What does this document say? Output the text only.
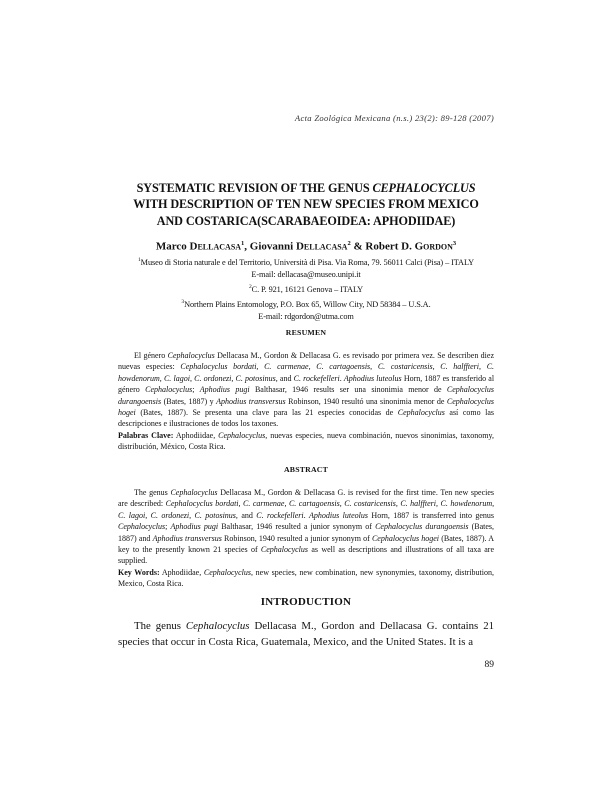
Acta Zoológica Mexicana (n.s.) 23(2): 89-128 (2007)
SYSTEMATIC REVISION OF THE GENUS CEPHALOCYCLUS
WITH DESCRIPTION OF TEN NEW SPECIES FROM MEXICO
AND COSTARICA(SCARABAEOIDEA: APHODIIDAE)
Marco Dellacasa$^1$, Giovanni Dellacasa$^2$ & Robert D. Gordon$^3$
$^1$Museo di Storia naturale e del Territorio, Università di Pisa. Via Roma, 79. 56011 Calci (Pisa) – ITALY
E-mail: dellacasa@museo.unipi.it
$^2$C. P. 921, 16121 Genova – ITALY
$^3$Northern Plains Entomology, P.O. Box 65, Willow City, ND 58384 – U.S.A.
E-mail: rdgordon@utma.com
RESUMEN

El género Cephalocyclus Dellacasa M., Gordon & Dellacasa G. es revisado por primera vez. Se describen diez nuevas especies: Cephalocyclus bordati, C. carmenae, C. cartagoensis, C. costaricensis, C. halffteri, C. howdenorum, C. lagoi, C. ordonezi, C. potosinus, and C. rockefelleri. Aphodius luteolus Horn, 1887 es transferido al género Cephalocyclus; Aphodius pugi Balthasar, 1946 results ser una sinonimia menor de Cephalocyclus durangoensis (Bates, 1887) y Aphodius transversus Robinson, 1940 resultó una sinonimia menor de Cephalocyclus hogei (Bates, 1887). Se presenta una clave para las 21 especies conocidas de Cephalocyclus así como las descripciones e ilustraciones de todos los taxones.

Palabras Clave: Aphodiidae, Cephalocyclus, nuevas especies, nueva combinación, nuevos sinonimias, taxonomy, distribución, México, Costa Rica.

ABSTRACT

The genus Cephalocyclus Dellacasa M., Gordon & Dellacasa G. is revised for the first time. Ten new species are described: Cephalocyclus bordati, C. carmenae, C. cartagoensis, C. costaricensis, C. halffteri, C. howdenorum, C. lagoi, C. ordonezi, C. potosinus, and C. rockefelleri. Aphodius luteolus Horn, 1887 is transferred into genus Cephalocyclus; Aphodius pugi Balthasar, 1946 resulted a junior synonym of Cephalocyclus durangoensis (Bates, 1887) and Aphodius transversus Robinson, 1940 resulted a junior synonym of Cephalocyclus hogei (Bates, 1887). A key to the presently known 21 species of Cephalocyclus as well as descriptions and illustrations of all taxa are supplied.

Key Words: Aphodiidae, Cephalocyclus, new species, new combination, new synonymies, taxonomy, distribution, Mexico, Costa Rica.

INTRODUCTION
The genus Cephalocyclus Dellacasa M., Gordon and Dellacasa G. contains 21 species that occur in Costa Rica, Guatemala, Mexico, and the United States. It is a
89
